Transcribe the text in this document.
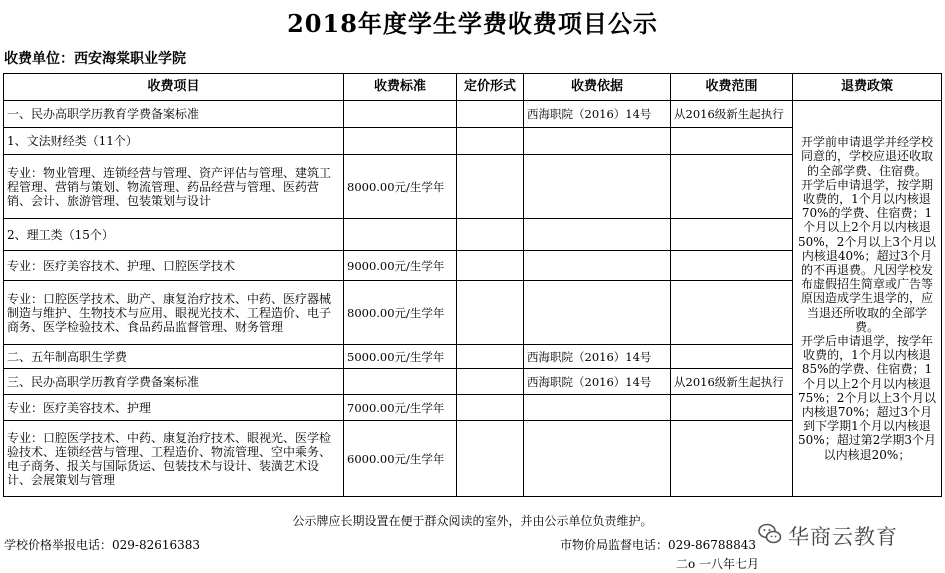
2018年度学生学费收费项目公示
收费单位：西安海棠职业学院
收费项目	收费标准	定价形式	收费依据	收费范围	退费政策
一、民办高职学历教育学费备案标准			西海职院（2016）14号	从2016级新生起执行	开学前申请退学并经学校同意的，学校应退还收取的全部学费、住宿费。

开学后申请退学，按学期收费的，1个月以内核退70%的学费、住宿费；1个月以上2个月以内核退50%，2个月以上3个月以内核退40%；超过3个月的不再退费。凡因学校发布虚假招生简章或广告等原因造成学生退学的，应当退还所收取的全部学费。

开学后申请退学，按学年收费的，1个月以内核退85%的学费、住宿费；1个月以上2个月以内核退75%；2个月以上3个月以内核退70%；超过3个月到下学期1个月以内核退50%；超过第2学期3个月以内核退20%；

1、文法财经类（11个）					
专业：物业管理、连锁经营与管理、资产评估与管理、建筑工程管理、营销与策划、物流管理、药品经营与管理、医药营销、会计、旅游管理、包装策划与设计	8000.00元/生学年				
2、理工类（15个）					
专业：医疗美容技术、护理、口腔医学技术	9000.00元/生学年				
专业：口腔医学技术、助产、康复治疗技术、中药、医疗器械制造与维护、生物技术与应用、眼视光技术、工程造价、电子商务、医学检验技术、食品药品监督管理、财务管理	8000.00元/生学年				
二、五年制高职生学费	5000.00元/生学年		西海职院（2016）14号		
三、民办高职学历教育学费备案标准			西海职院（2016）14号	从2016级新生起执行	
专业：医疗美容技术、护理	7000.00元/生学年				
专业：口腔医学技术、中药、康复治疗技术、眼视光、医学检验技术、连锁经营与管理、工程造价、物流管理、空中乘务、电子商务、报关与国际货运、包装技术与设计、装潢艺术设计、会展策划与管理	6000.00元/生学年				
公示牌应长期设置在便于群众阅读的室外，并由公示单位负责维护。
学校价格举报电话：029-82616383	市物价局监督电话：029-86788843
二o 一八年七月
华商云教育
